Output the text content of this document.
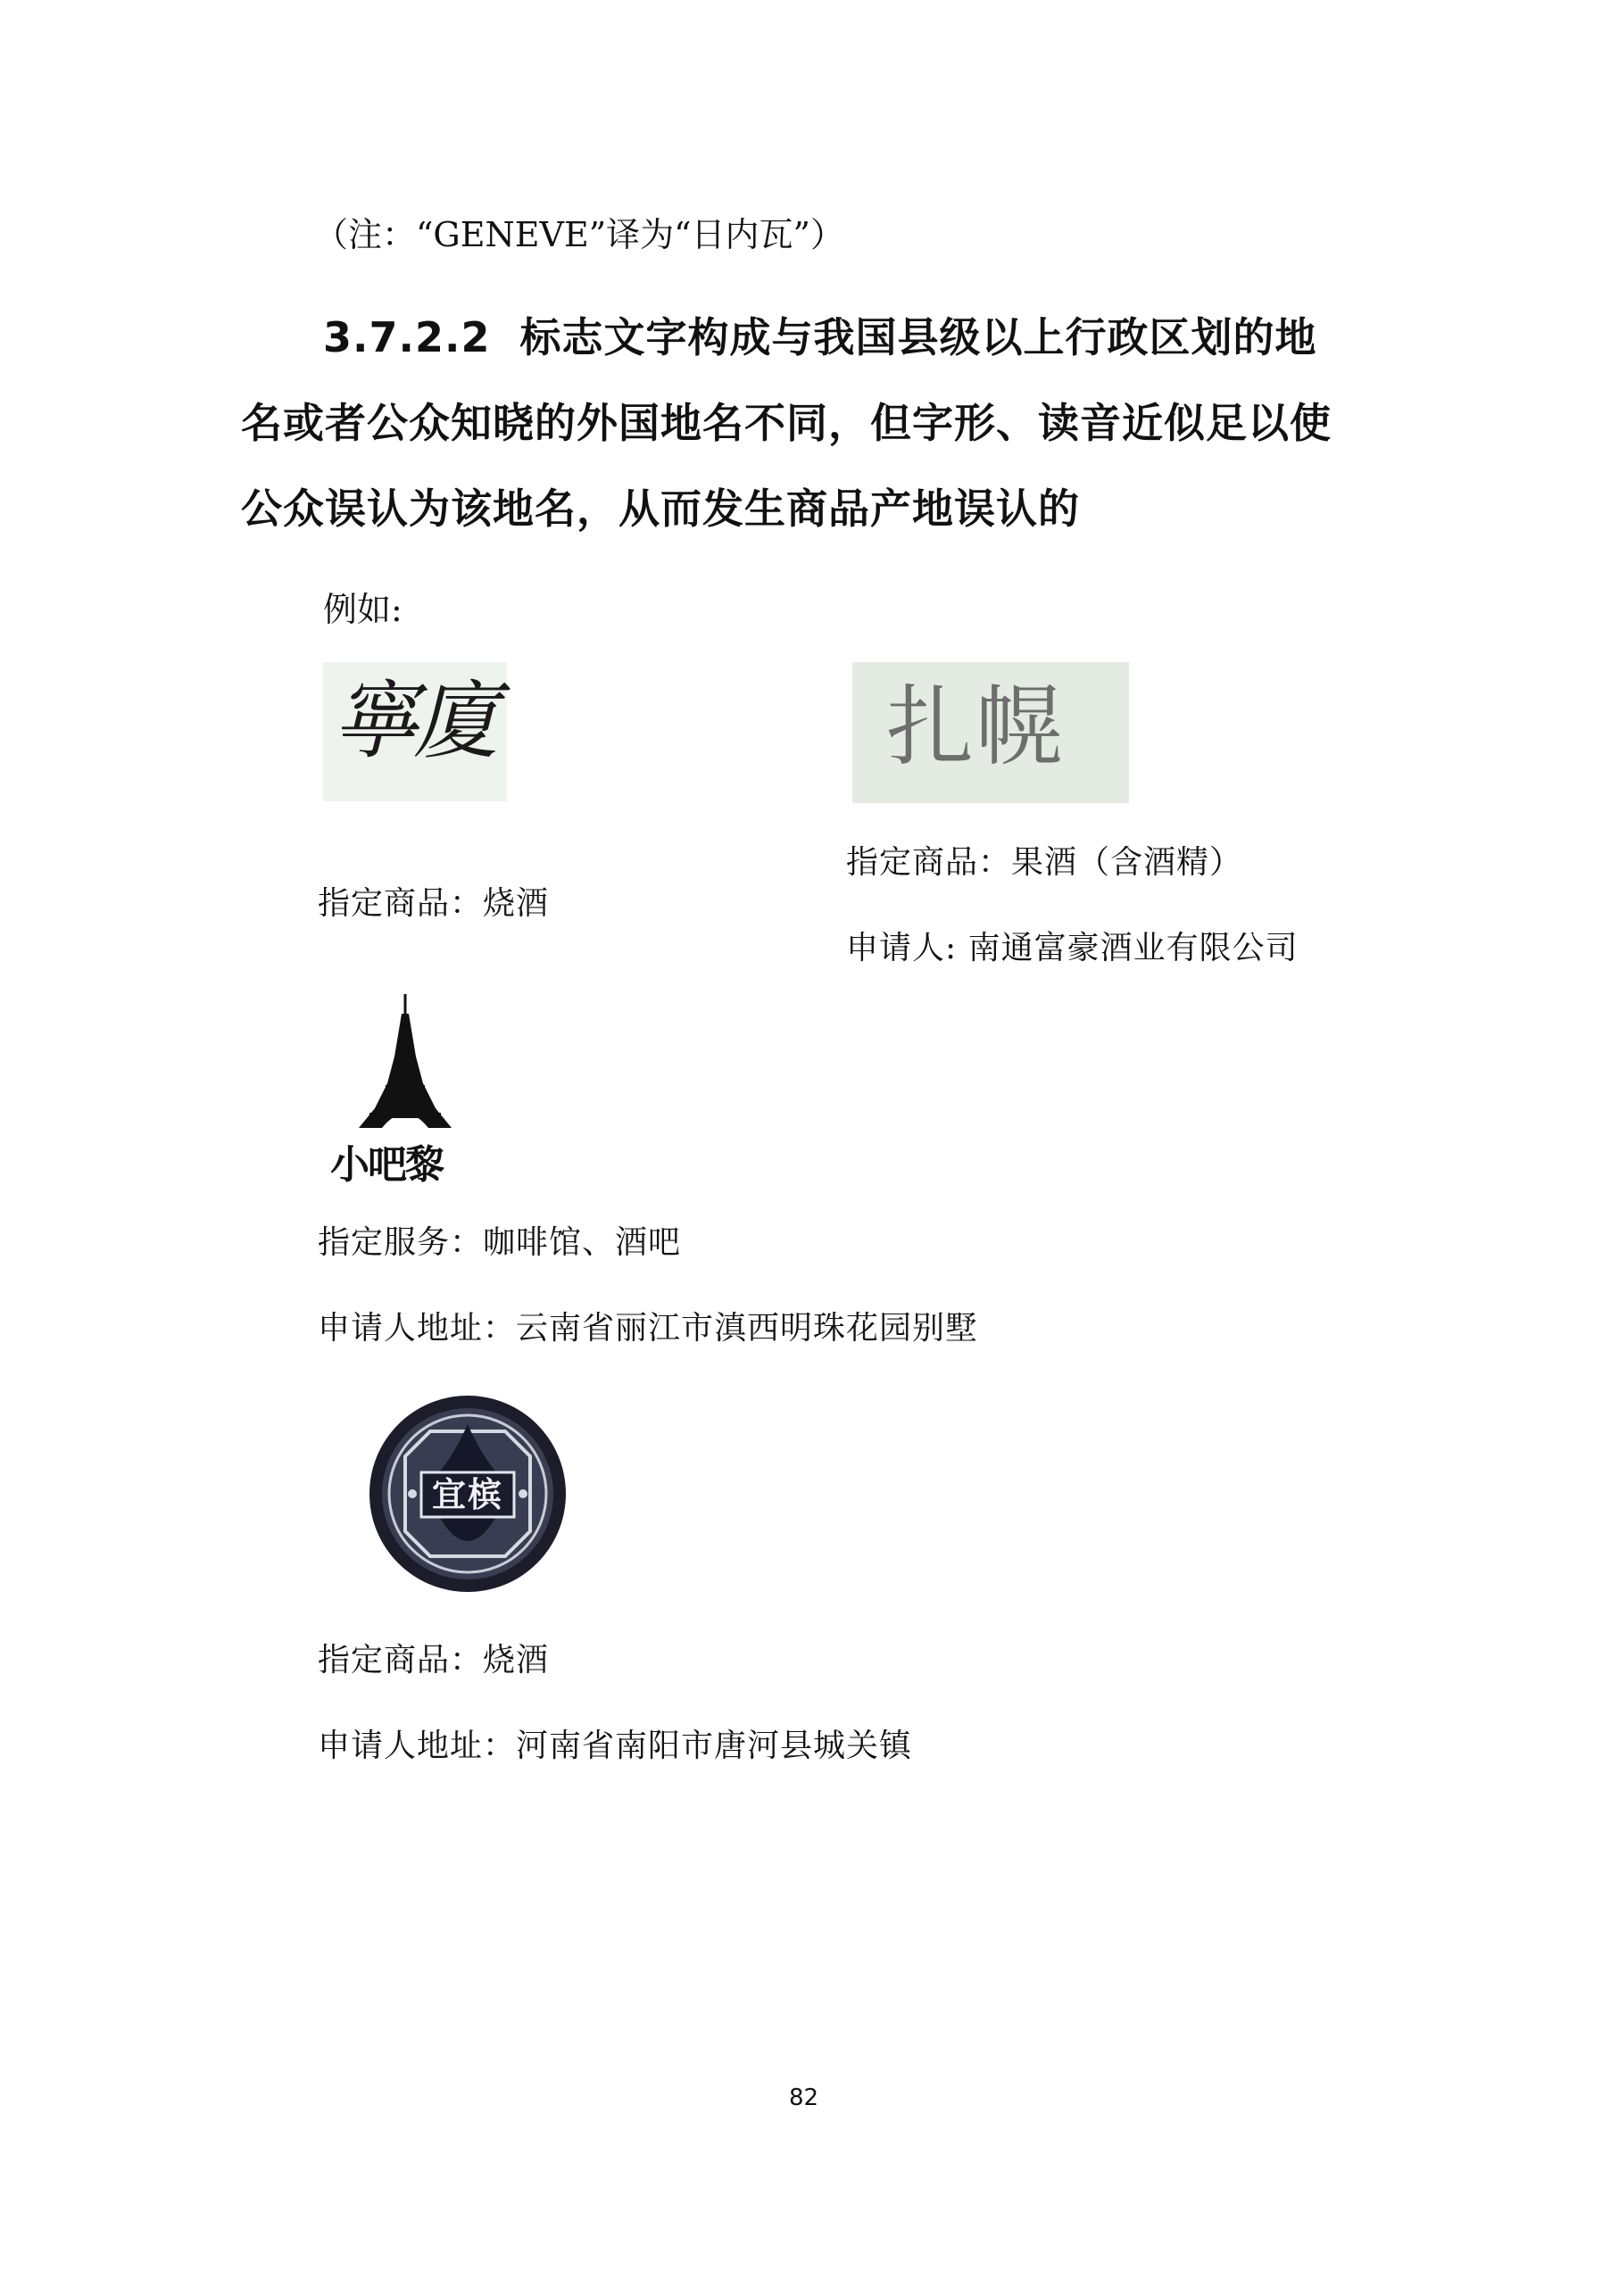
（注：“GENEVE”译为“日内瓦”）
3.7.2.2 标志文字构成与我国县级以上行政区划的地
名或者公众知晓的外国地名不同，但字形、读音近似足以使
公众误认为该地名，从而发生商品产地误认的
例如:
寧廈
指定商品：烧酒
扎幌
指定商品：果酒（含酒精）
申请人: 南通富豪酒业有限公司
小吧黎
指定服务：咖啡馆、酒吧
申请人地址：云南省丽江市滇西明珠花园别墅
宜槟
指定商品：烧酒
申请人地址：河南省南阳市唐河县城关镇
82
